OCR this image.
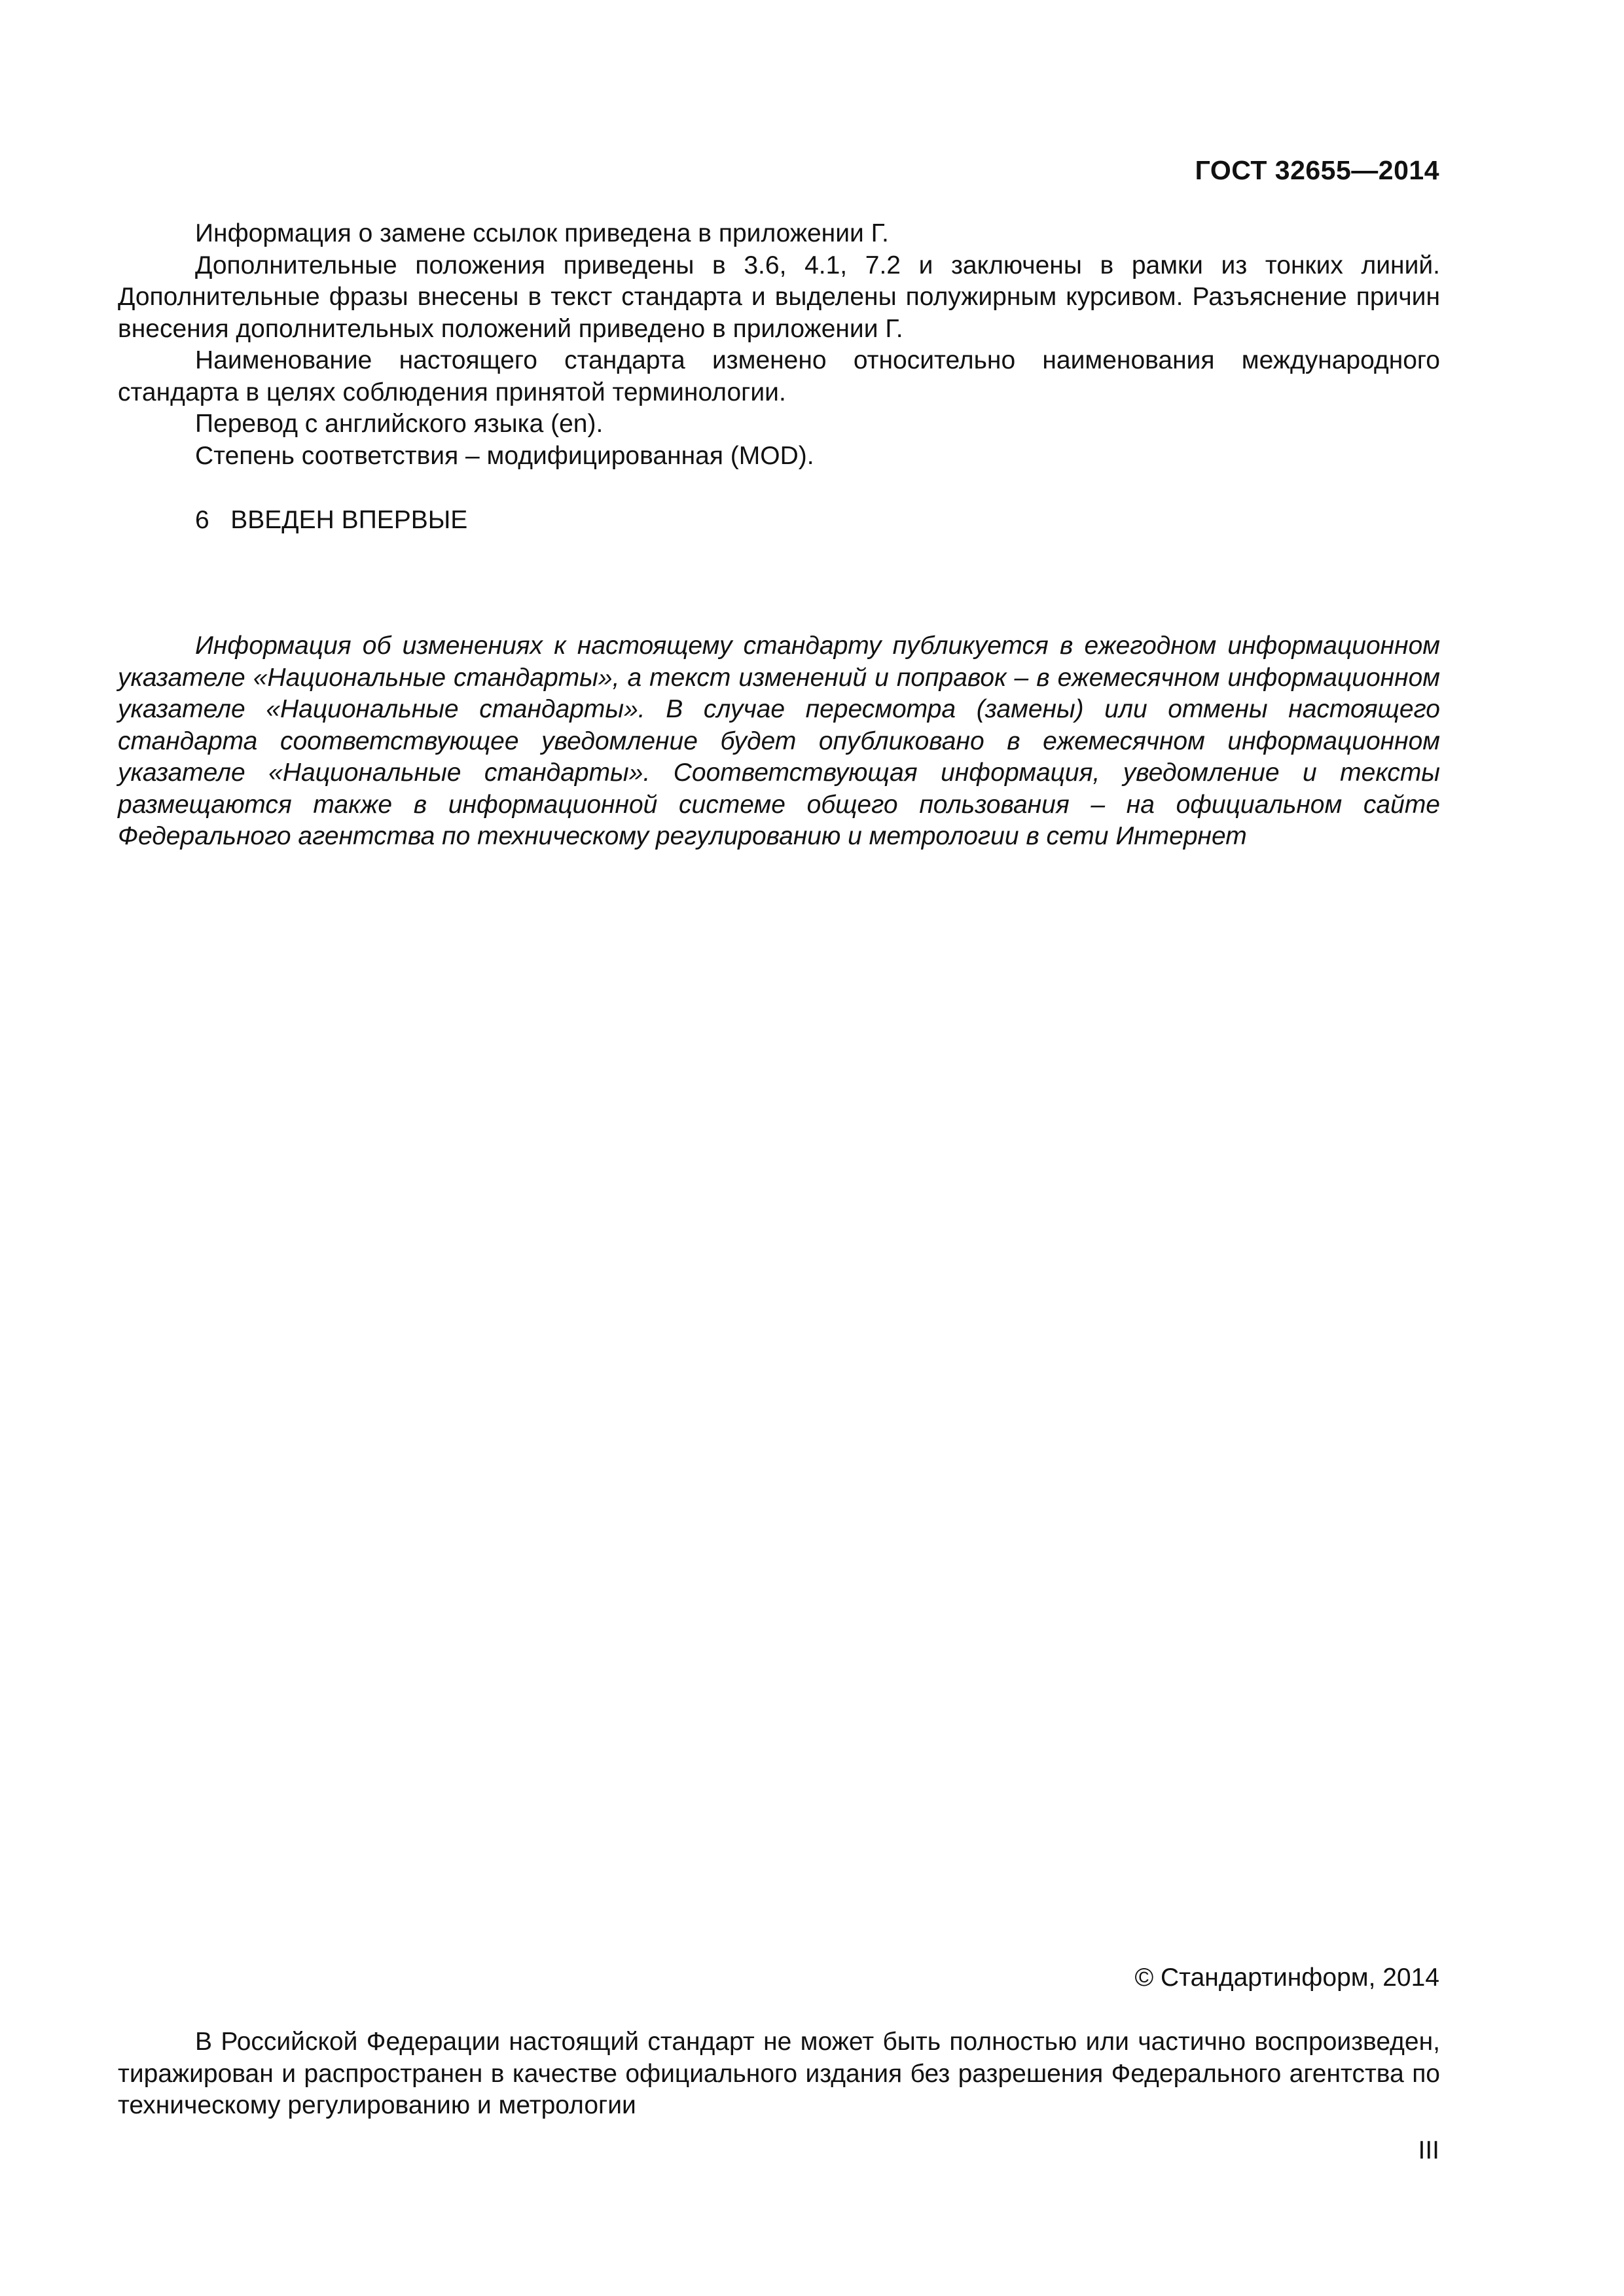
ГОСТ 32655—2014

Информация о замене ссылок приведена в приложении Г.

Дополнительные положения приведены в 3.6, 4.1, 7.2 и заключены в рамки из тонких линий. Дополнительные фразы внесены в текст стандарта и выделены полужирным курсивом. Разъяснение причин внесения дополнительных положений приведено в приложении Г.

Наименование настоящего стандарта изменено относительно наименования международного стандарта в целях соблюдения принятой терминологии.

Перевод с английского языка (en).

Степень соответствия – модифицированная (MOD).

6 ВВЕДЕН ВПЕРВЫЕ

Информация об изменениях к настоящему стандарту публикуется в ежегодном информационном указателе «Национальные стандарты», а текст изменений и поправок – в ежемесячном информационном указателе «Национальные стандарты». В случае пересмотра (замены) или отмены настоящего стандарта соответствующее уведомление будет опубликовано в ежемесячном информационном указателе «Национальные стандарты». Соответствующая информация, уведомление и тексты размещаются также в информационной системе общего пользования – на официальном сайте Федерального агентства по техническому регулированию и метрологии в сети Интернет

© Стандартинформ, 2014

В Российской Федерации настоящий стандарт не может быть полностью или частично воспроизведен, тиражирован и распространен в качестве официального издания без разрешения Федерального агентства по техническому регулированию и метрологии

III
